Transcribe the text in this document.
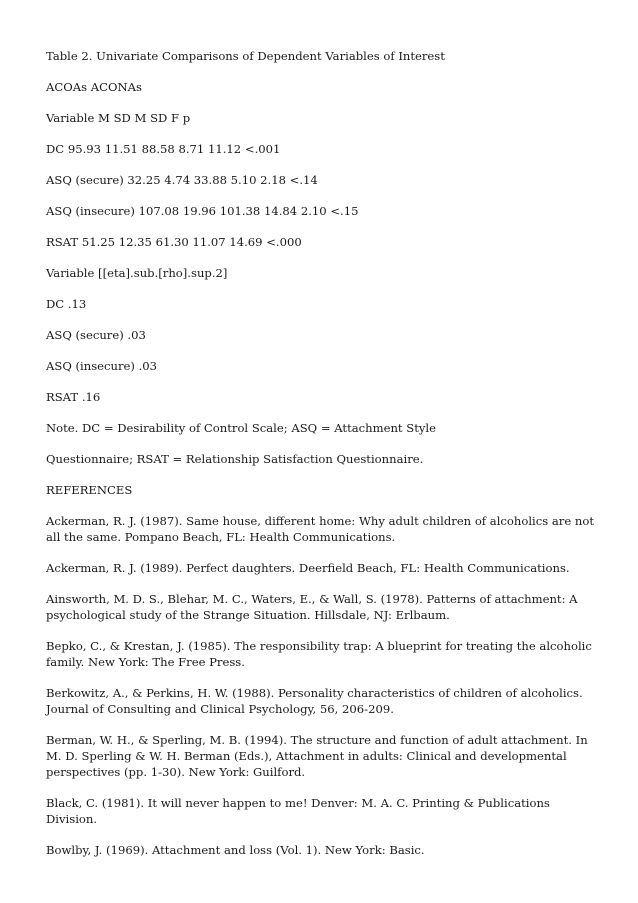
Table 2. Univariate Comparisons of Dependent Variables of Interest

ACOAs ACONAs

Variable M SD M SD F p

DC 95.93 11.51 88.58 8.71 11.12 <.001

ASQ (secure) 32.25 4.74 33.88 5.10 2.18 <.14

ASQ (insecure) 107.08 19.96 101.38 14.84 2.10 <.15

RSAT 51.25 12.35 61.30 11.07 14.69 <.000

Variable [[eta].sub.[rho].sup.2]

DC .13

ASQ (secure) .03

ASQ (insecure) .03

RSAT .16

Note. DC = Desirability of Control Scale; ASQ = Attachment Style

Questionnaire; RSAT = Relationship Satisfaction Questionnaire.

REFERENCES

Ackerman, R. J. (1987). Same house, different home: Why adult children of alcoholics are not all the same. Pompano Beach, FL: Health Communications.

Ackerman, R. J. (1989). Perfect daughters. Deerfield Beach, FL: Health Communications.

Ainsworth, M. D. S., Blehar, M. C., Waters, E., & Wall, S. (1978). Patterns of attachment: A psychological study of the Strange Situation. Hillsdale, NJ: Erlbaum.

Bepko, C., & Krestan, J. (1985). The responsibility trap: A blueprint for treating the alcoholic family. New York: The Free Press.

Berkowitz, A., & Perkins, H. W. (1988). Personality characteristics of children of alcoholics. Journal of Consulting and Clinical Psychology, 56, 206-209.

Berman, W. H., & Sperling, M. B. (1994). The structure and function of adult attachment. In M. D. Sperling & W. H. Berman (Eds.), Attachment in adults: Clinical and developmental perspectives (pp. 1-30). New York: Guilford.

Black, C. (1981). It will never happen to me! Denver: M. A. C. Printing & Publications Division.

Bowlby, J. (1969). Attachment and loss (Vol. 1). New York: Basic.
